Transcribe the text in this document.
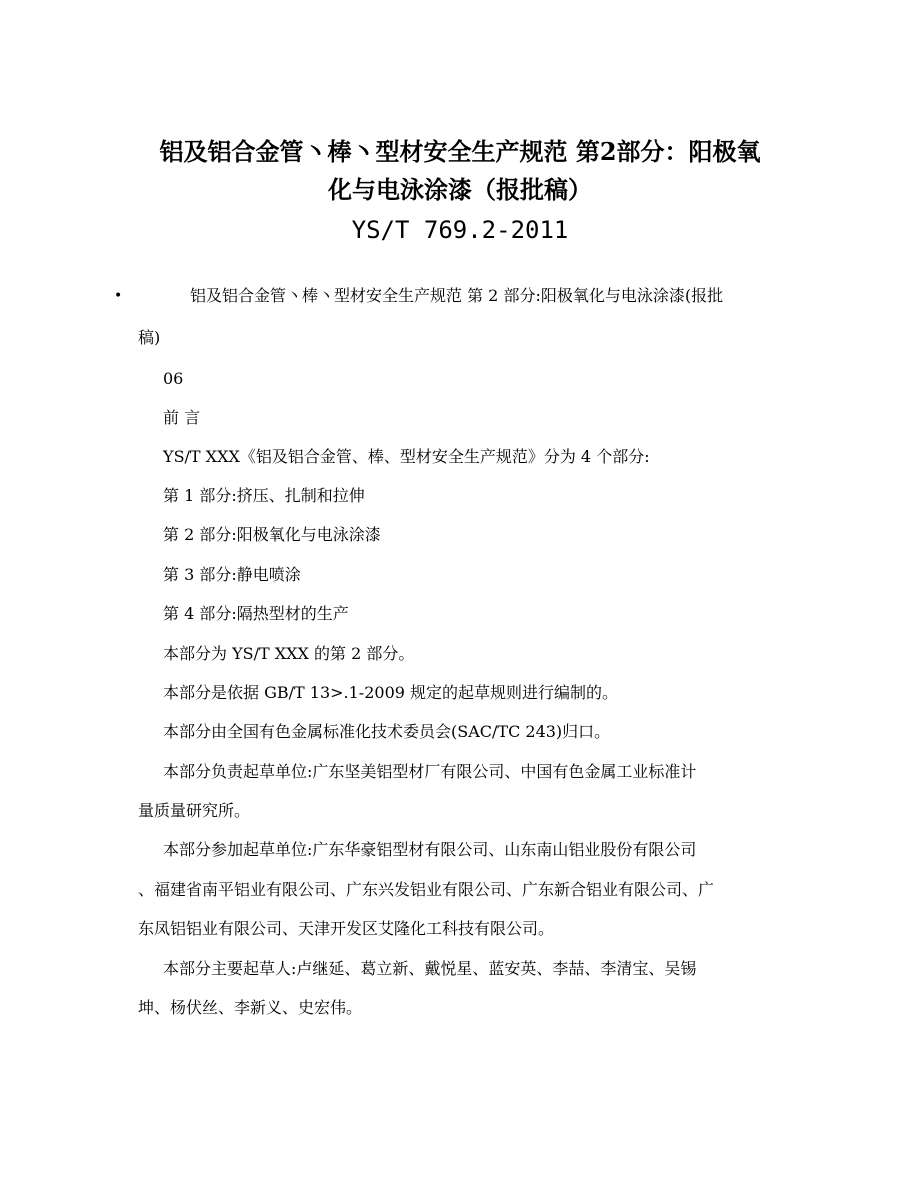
铝及铝合金管丶棒丶型材安全生产规范 第2部分：阳极氧
化与电泳涂漆（报批稿）
YS/T 769.2-2011
•	铝及铝合金管丶棒丶型材安全生产规范 第 2 部分:阳极氧化与电泳涂漆(报批
稿)
06
前 言
YS/T XXX《铝及铝合金管、棒、型材安全生产规范》分为 4 个部分:
第 1 部分:挤压、扎制和拉伸
第 2 部分:阳极氧化与电泳涂漆
第 3 部分:静电喷涂
第 4 部分:隔热型材的生产
本部分为 YS/T XXX 的第 2 部分。
本部分是依据 GB/T 13>.1-2009 规定的起草规则进行编制的。
本部分由全国有色金属标准化技术委员会(SAC/TC 243)归口。
本部分负责起草单位:广东坚美铝型材厂有限公司、中国有色金属工业标准计
量质量研究所。
本部分参加起草单位:广东华豪铝型材有限公司、山东南山铝业股份有限公司
、福建省南平铝业有限公司、广东兴发铝业有限公司、广东新合铝业有限公司、广
东凤铝铝业有限公司、天津开发区艾隆化工科技有限公司。
本部分主要起草人:卢继延、葛立新、戴悦星、蓝安英、李喆、李清宝、吴锡
坤、杨伏丝、李新义、史宏伟。
